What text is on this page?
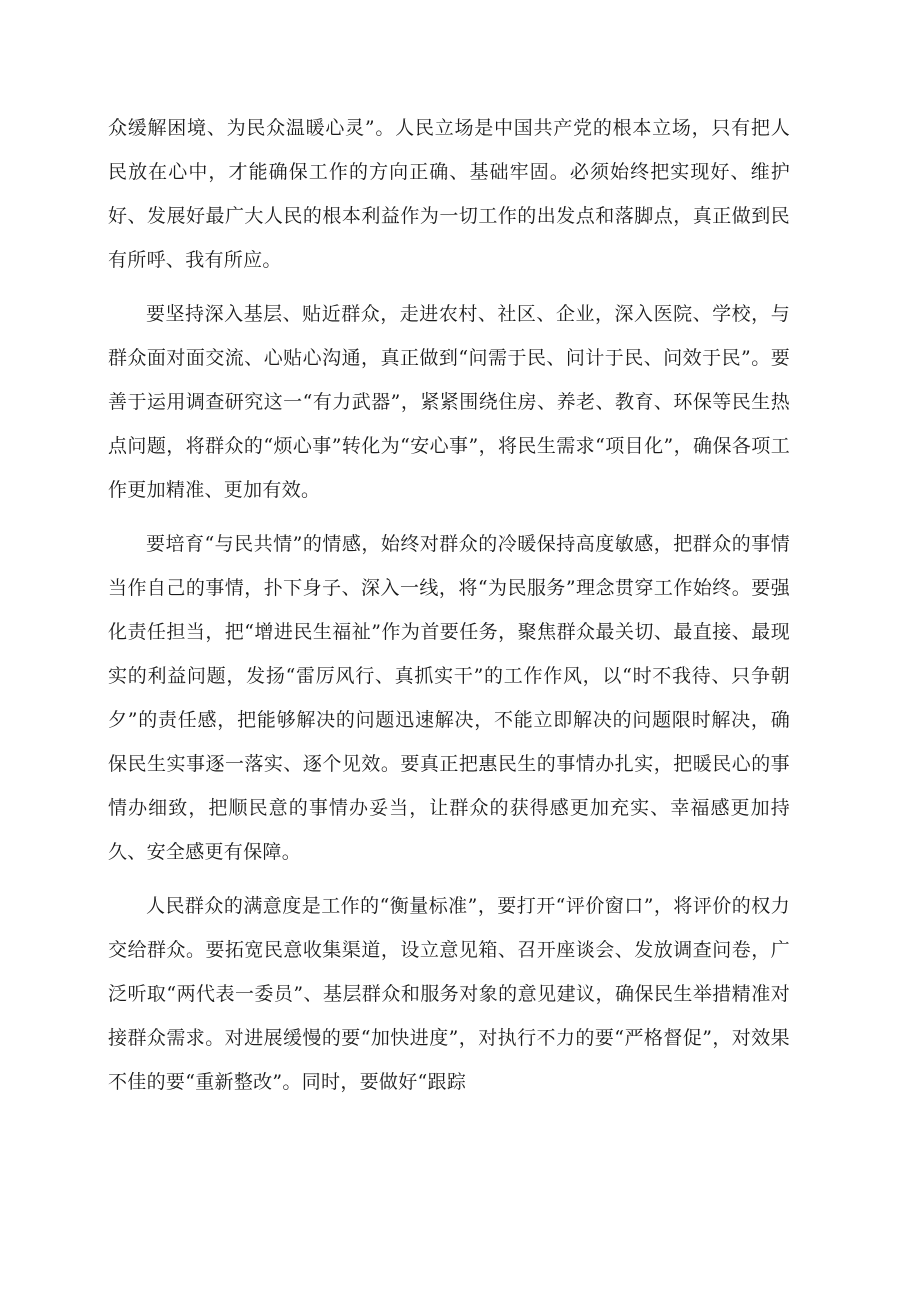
众缓解困境、为民众温暖心灵”。人民立场是中国共产党的根本立场，只有把人民放在心中，才能确保工作的方向正确、基础牢固。必须始终把实现好、维护好、发展好最广大人民的根本利益作为一切工作的出发点和落脚点，真正做到民有所呼、我有所应。

要坚持深入基层、贴近群众，走进农村、社区、企业，深入医院、学校，与群众面对面交流、心贴心沟通，真正做到“问需于民、问计于民、问效于民”。要善于运用调查研究这一“有力武器”，紧紧围绕住房、养老、教育、环保等民生热点问题，将群众的“烦心事”转化为“安心事”，将民生需求“项目化”，确保各项工作更加精准、更加有效。

要培育“与民共情”的情感，始终对群众的冷暖保持高度敏感，把群众的事情当作自己的事情，扑下身子、深入一线，将“为民服务”理念贯穿工作始终。要强化责任担当，把“增进民生福祉”作为首要任务，聚焦群众最关切、最直接、最现实的利益问题，发扬“雷厉风行、真抓实干”的工作作风，以“时不我待、只争朝夕”的责任感，把能够解决的问题迅速解决，不能立即解决的问题限时解决，确保民生实事逐一落实、逐个见效。要真正把惠民生的事情办扎实，把暖民心的事情办细致，把顺民意的事情办妥当，让群众的获得感更加充实、幸福感更加持久、安全感更有保障。

人民群众的满意度是工作的“衡量标准”，要打开“评价窗口”，将评价的权力交给群众。要拓宽民意收集渠道，设立意见箱、召开座谈会、发放调查问卷，广泛听取“两代表一委员”、基层群众和服务对象的意见建议，确保民生举措精准对接群众需求。对进展缓慢的要“加快进度”，对执行不力的要“严格督促”，对效果不佳的要“重新整改”。同时，要做好“跟踪
